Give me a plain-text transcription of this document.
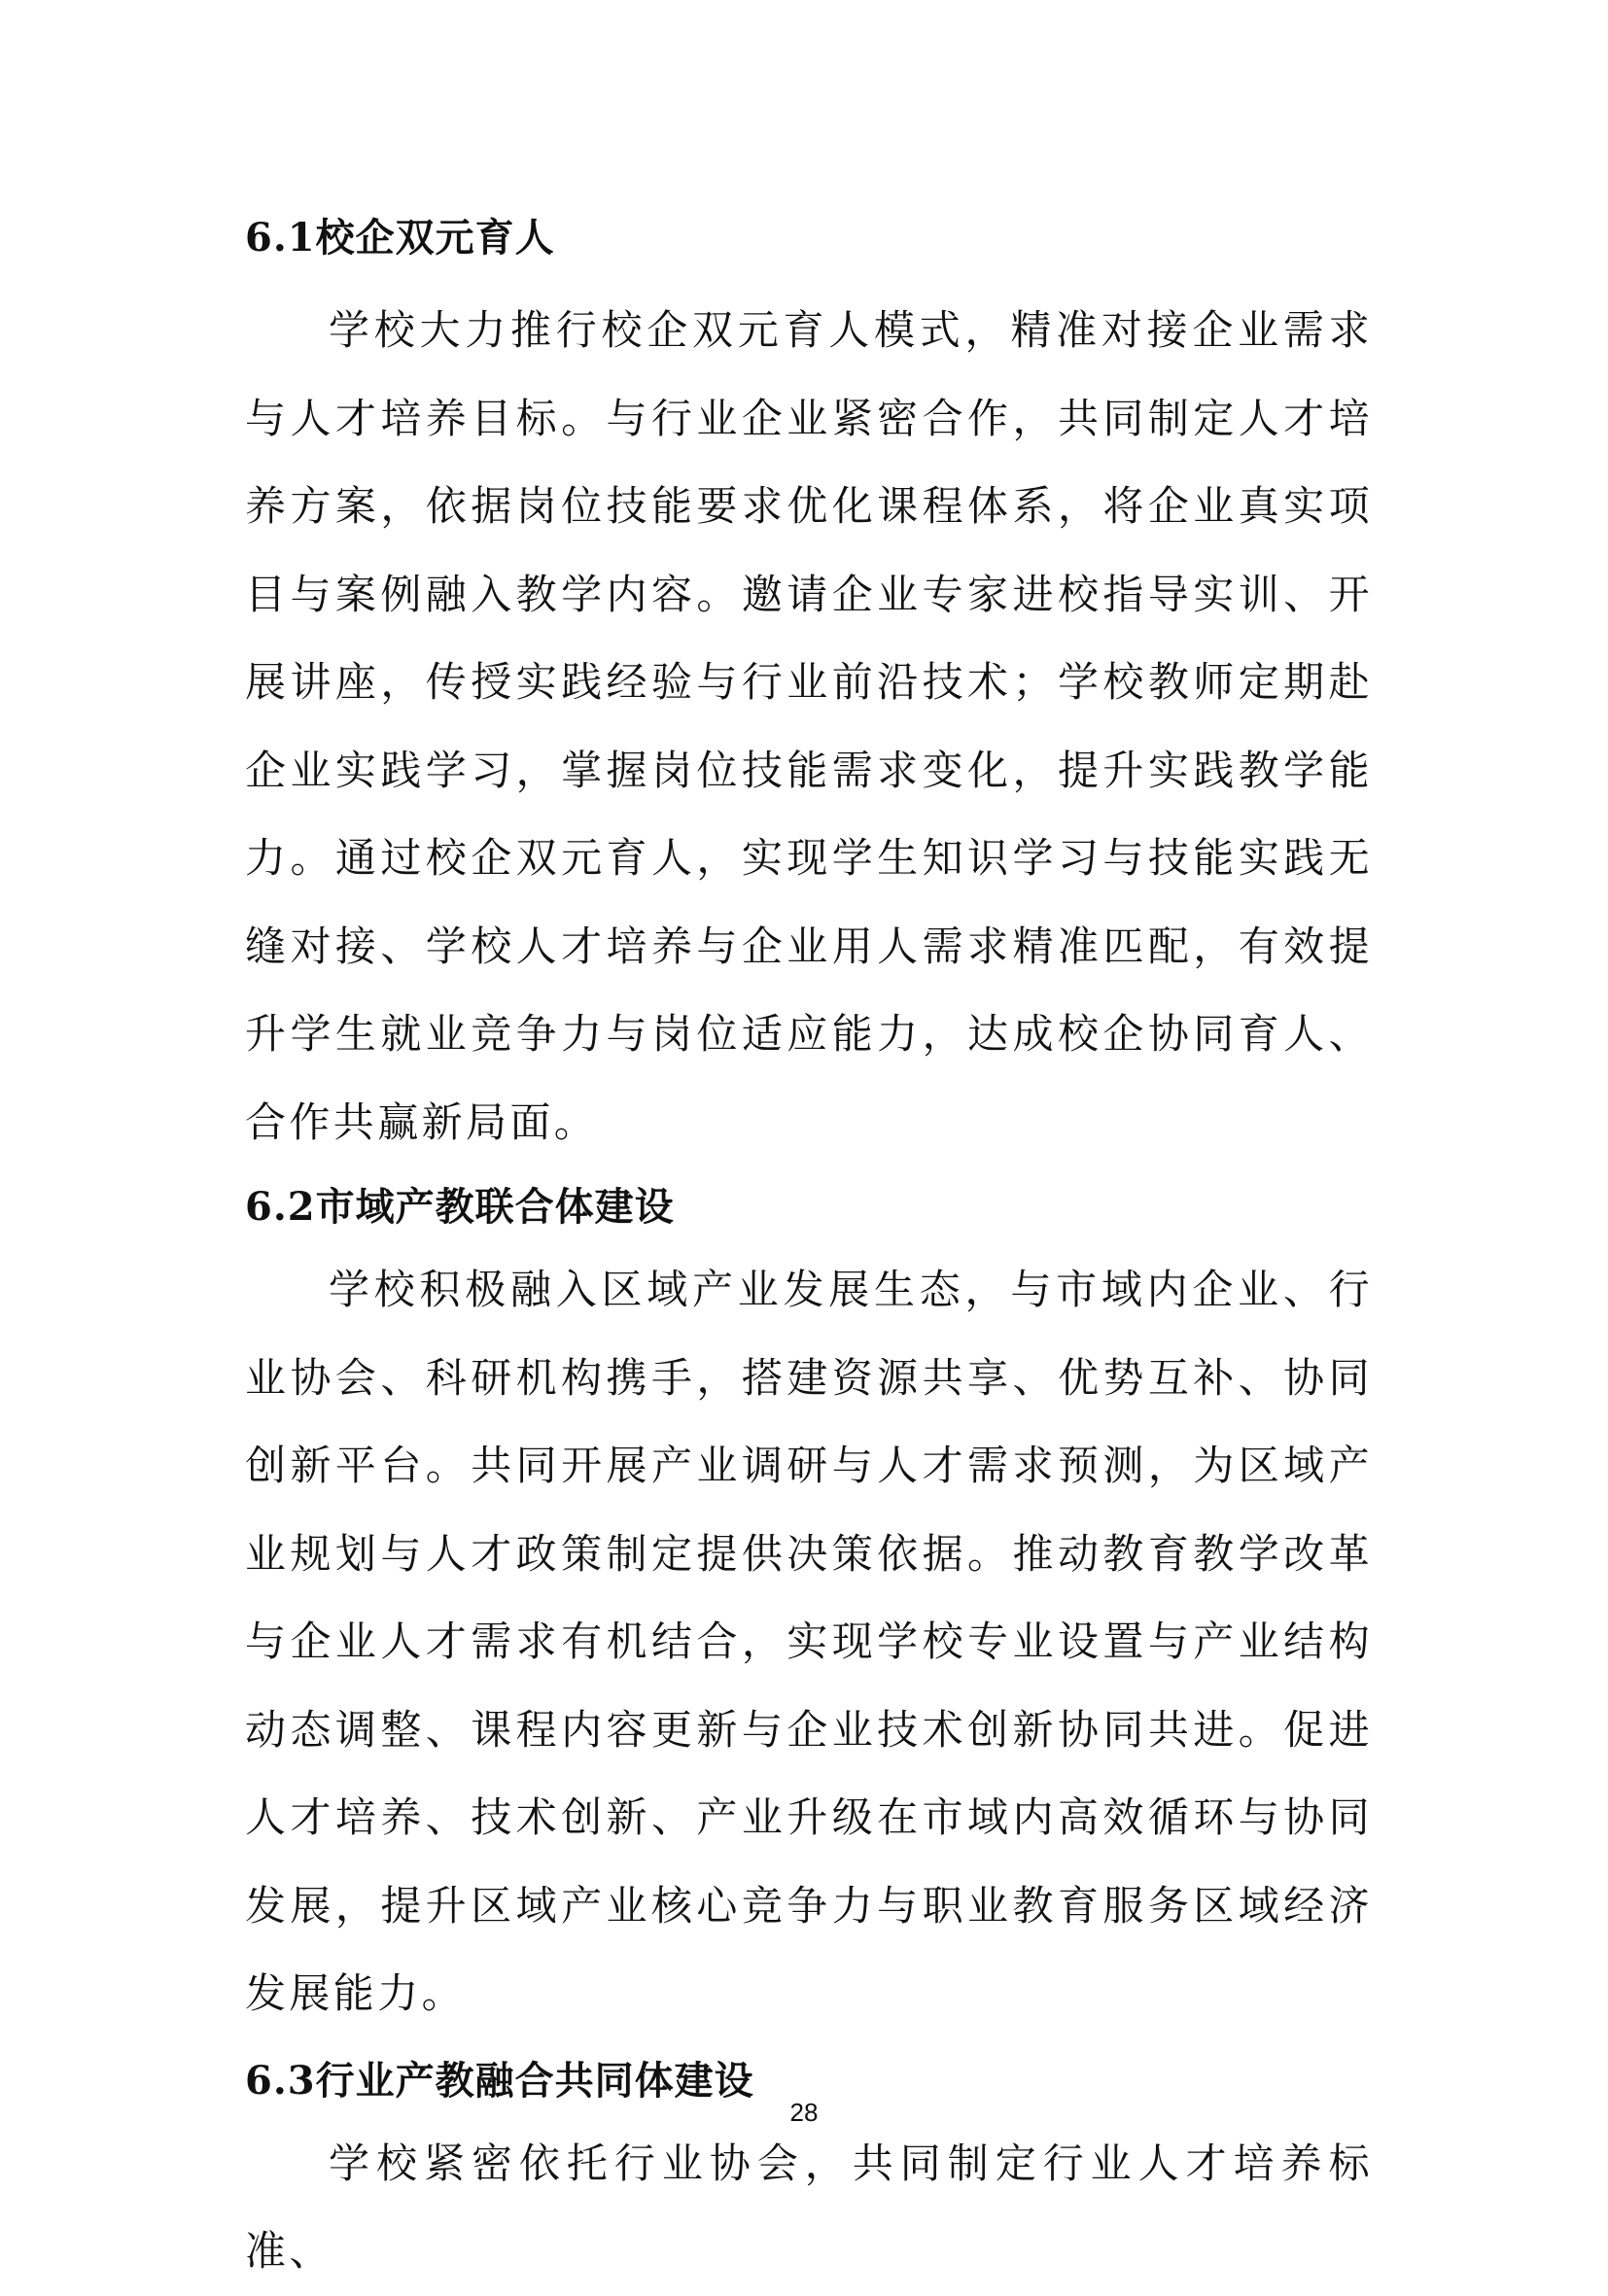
6.1校企双元育人

学校大力推行校企双元育人模式，精准对接企业需求与人才培养目标。与行业企业紧密合作，共同制定人才培养方案，依据岗位技能要求优化课程体系，将企业真实项目与案例融入教学内容。邀请企业专家进校指导实训、开展讲座，传授实践经验与行业前沿技术；学校教师定期赴企业实践学习，掌握岗位技能需求变化，提升实践教学能力。通过校企双元育人，实现学生知识学习与技能实践无缝对接、学校人才培养与企业用人需求精准匹配，有效提升学生就业竞争力与岗位适应能力，达成校企协同育人、合作共赢新局面。

6.2市域产教联合体建设

学校积极融入区域产业发展生态，与市域内企业、行业协会、科研机构携手，搭建资源共享、优势互补、协同创新平台。共同开展产业调研与人才需求预测，为区域产业规划与人才政策制定提供决策依据。推动教育教学改革与企业人才需求有机结合，实现学校专业设置与产业结构动态调整、课程内容更新与企业技术创新协同共进。促进人才培养、技术创新、产业升级在市域内高效循环与协同发展，提升区域产业核心竞争力与职业教育服务区域经济发展能力。

6.3行业产教融合共同体建设

学校紧密依托行业协会，共同制定行业人才培养标准、

28
